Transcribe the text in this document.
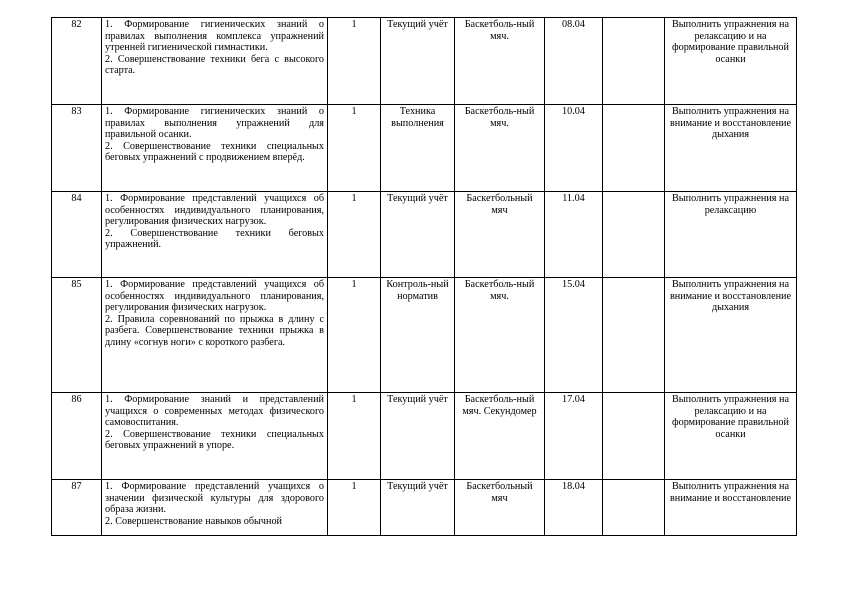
82	1. Формирование гигиенических знаний о правилах выполнения комплекса упражнений утренней гигиенической гимнастики.
2. Совершенствование техники бега с высокого старта.	1	Текущий учёт	Баскетболь-ный мяч.	08.04		Выполнить упражнения на релаксацию и на формирование правильной осанки
83	1. Формирование гигиенических знаний о правилах выполнения упражнений для правильной осанки.
2. Совершенствование техники специальных беговых упражнений с продвижением вперёд.	1	Техника выполнения	Баскетболь-ный мяч.	10.04		Выполнить упражнения на внимание и восстановление дыхания
84	1. Формирование представлений учащихся об особенностях индивидуального планирования, регулирования физических нагрузок.
2. Совершенствование техники беговых упражнений.	1	Текущий учёт	Баскетбольный мяч	11.04		Выполнить упражнения на релаксацию
85	1. Формирование представлений учащихся об особенностях индивидуального планирования, регулирования физических нагрузок.
2. Правила соревнований по прыжка в длину с разбега. Совершенствование техники прыжка в длину «согнув ноги» с короткого разбега.	1	Контроль-ный норматив	Баскетболь-ный мяч.	15.04		Выполнить упражнения на внимание и восстановление дыхания
86	1. Формирование знаний и представлений учащихся о современных методах физического самовоспитания.
2. Совершенствование техники специальных беговых упражнений в упоре.	1	Текущий учёт	Баскетболь-ный мяч. Секундомер	17.04		Выполнить упражнения на релаксацию и на формирование правильной осанки
87	1. Формирование представлений учащихся о значении физической культуры для здорового образа жизни.
2. Совершенствование навыков обычной	1	Текущий учёт	Баскетбольный мяч	18.04		Выполнить упражнения на внимание и восстановление
